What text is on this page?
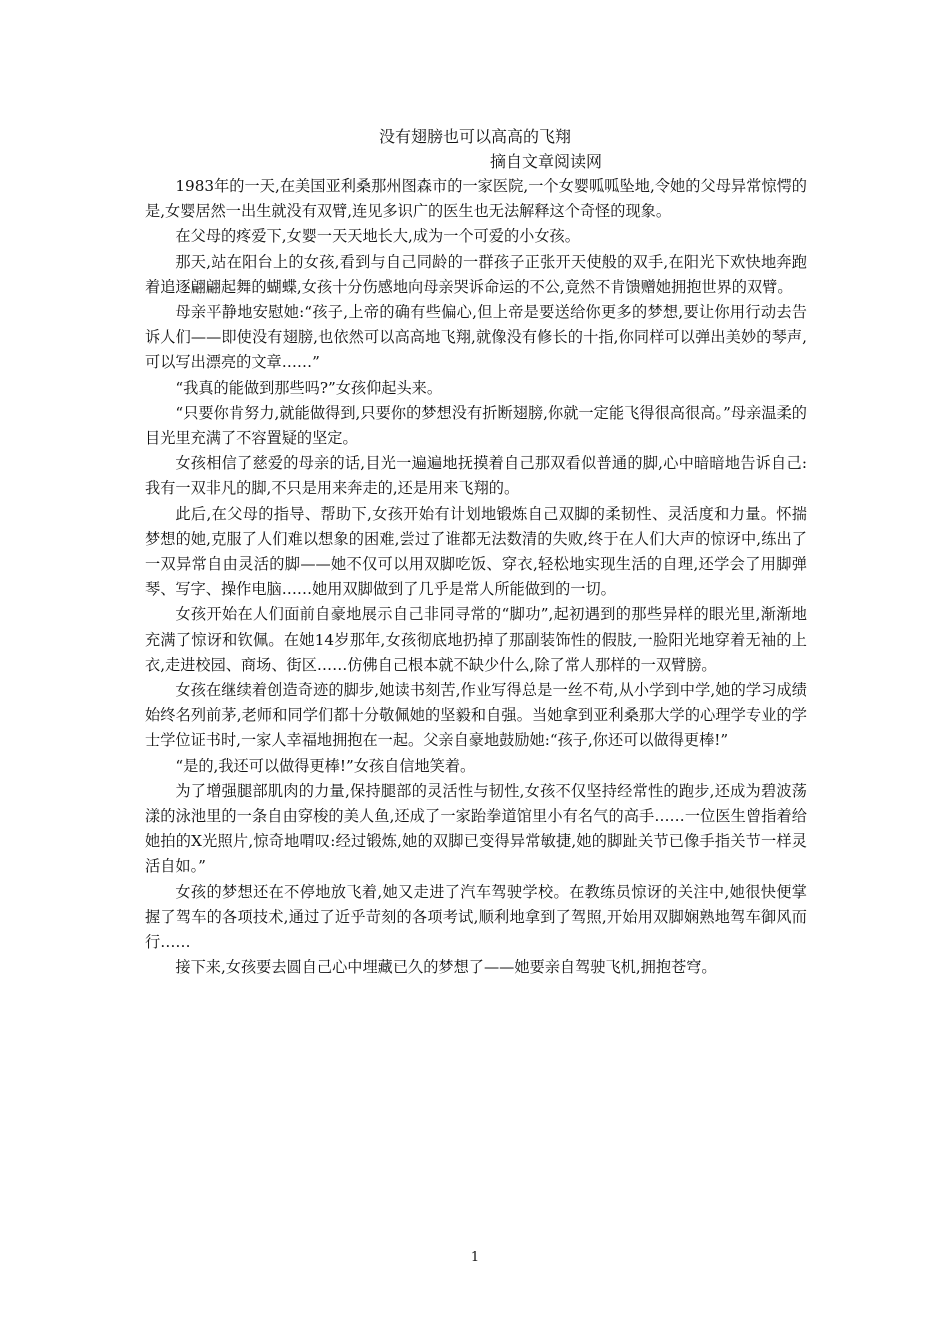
没有翅膀也可以高高的飞翔
摘自文章阅读网

1983年的一天,在美国亚利桑那州图森市的一家医院,一个女婴呱呱坠地,令她的父母异常惊愕的是,女婴居然一出生就没有双臂,连见多识广的医生也无法解释这个奇怪的现象。

在父母的疼爱下,女婴一天天地长大,成为一个可爱的小女孩。

那天,站在阳台上的女孩,看到与自己同龄的一群孩子正张开天使般的双手,在阳光下欢快地奔跑着追逐翩翩起舞的蝴蝶,女孩十分伤感地向母亲哭诉命运的不公,竟然不肯馈赠她拥抱世界的双臂。

母亲平静地安慰她:“孩子,上帝的确有些偏心,但上帝是要送给你更多的梦想,要让你用行动去告诉人们——即使没有翅膀,也依然可以高高地飞翔,就像没有修长的十指,你同样可以弹出美妙的琴声,可以写出漂亮的文章……”

“我真的能做到那些吗?”女孩仰起头来。

“只要你肯努力,就能做得到,只要你的梦想没有折断翅膀,你就一定能飞得很高很高。”母亲温柔的目光里充满了不容置疑的坚定。

女孩相信了慈爱的母亲的话,目光一遍遍地抚摸着自己那双看似普通的脚,心中暗暗地告诉自己:我有一双非凡的脚,不只是用来奔走的,还是用来飞翔的。

此后,在父母的指导、帮助下,女孩开始有计划地锻炼自己双脚的柔韧性、灵活度和力量。怀揣梦想的她,克服了人们难以想象的困难,尝过了谁都无法数清的失败,终于在人们大声的惊讶中,练出了一双异常自由灵活的脚——她不仅可以用双脚吃饭、穿衣,轻松地实现生活的自理,还学会了用脚弹琴、写字、操作电脑……她用双脚做到了几乎是常人所能做到的一切。

女孩开始在人们面前自豪地展示自己非同寻常的“脚功”,起初遇到的那些异样的眼光里,渐渐地充满了惊讶和钦佩。在她14岁那年,女孩彻底地扔掉了那副装饰性的假肢,一脸阳光地穿着无袖的上衣,走进校园、商场、街区……仿佛自己根本就不缺少什么,除了常人那样的一双臂膀。

女孩在继续着创造奇迹的脚步,她读书刻苦,作业写得总是一丝不苟,从小学到中学,她的学习成绩始终名列前茅,老师和同学们都十分敬佩她的坚毅和自强。当她拿到亚利桑那大学的心理学专业的学士学位证书时,一家人幸福地拥抱在一起。父亲自豪地鼓励她:“孩子,你还可以做得更棒!”

“是的,我还可以做得更棒!”女孩自信地笑着。

为了增强腿部肌肉的力量,保持腿部的灵活性与韧性,女孩不仅坚持经常性的跑步,还成为碧波荡漾的泳池里的一条自由穿梭的美人鱼,还成了一家跆拳道馆里小有名气的高手……一位医生曾指着给她拍的X光照片,惊奇地喟叹:经过锻炼,她的双脚已变得异常敏捷,她的脚趾关节已像手指关节一样灵活自如。”

女孩的梦想还在不停地放飞着,她又走进了汽车驾驶学校。在教练员惊讶的关注中,她很快便掌握了驾车的各项技术,通过了近乎苛刻的各项考试,顺利地拿到了驾照,开始用双脚娴熟地驾车御风而行……

接下来,女孩要去圆自己心中埋藏已久的梦想了——她要亲自驾驶飞机,拥抱苍穹。

1
